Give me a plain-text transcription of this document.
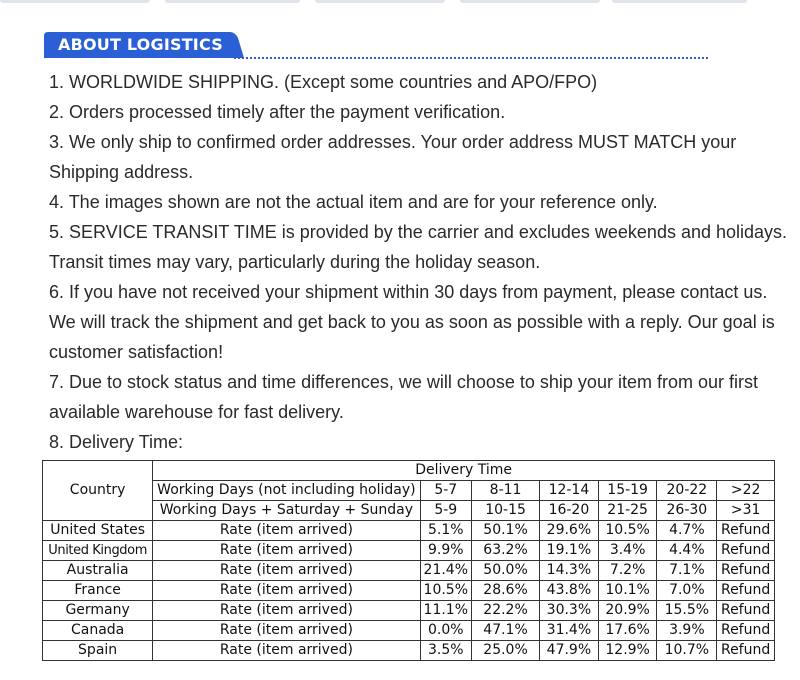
ABOUT LOGISTICS

1. WORLDWIDE SHIPPING. (Except some countries and APO/FPO)

2. Orders processed timely after the payment verification.

3. We only ship to confirmed order addresses. Your order address MUST MATCH your Shipping address.

4. The images shown are not the actual item and are for your reference only.

5. SERVICE TRANSIT TIME is provided by the carrier and excludes weekends and holidays. Transit times may vary, particularly during the holiday season.

6. If you have not received your shipment within 30 days from payment, please contact us. We will track the shipment and get back to you as soon as possible with a reply. Our goal is customer satisfaction!

7. Due to stock status and time differences, we will choose to ship your item from our first available warehouse for fast delivery.

8. Delivery Time:

Country	Delivery Time						
	Working Days (not including holiday)	5-7	8-11	12-14	15-19	20-22	>22
	Working Days + Saturday + Sunday	5-9	10-15	16-20	21-25	26-30	>31
United States	Rate (item arrived)	5.1%	50.1%	29.6%	10.5%	4.7%	Refund
United Kingdom	Rate (item arrived)	9.9%	63.2%	19.1%	3.4%	4.4%	Refund
Australia	Rate (item arrived)	21.4%	50.0%	14.3%	7.2%	7.1%	Refund
France	Rate (item arrived)	10.5%	28.6%	43.8%	10.1%	7.0%	Refund
Germany	Rate (item arrived)	11.1%	22.2%	30.3%	20.9%	15.5%	Refund
Canada	Rate (item arrived)	0.0%	47.1%	31.4%	17.6%	3.9%	Refund
Spain	Rate (item arrived)	3.5%	25.0%	47.9%	12.9%	10.7%	Refund
